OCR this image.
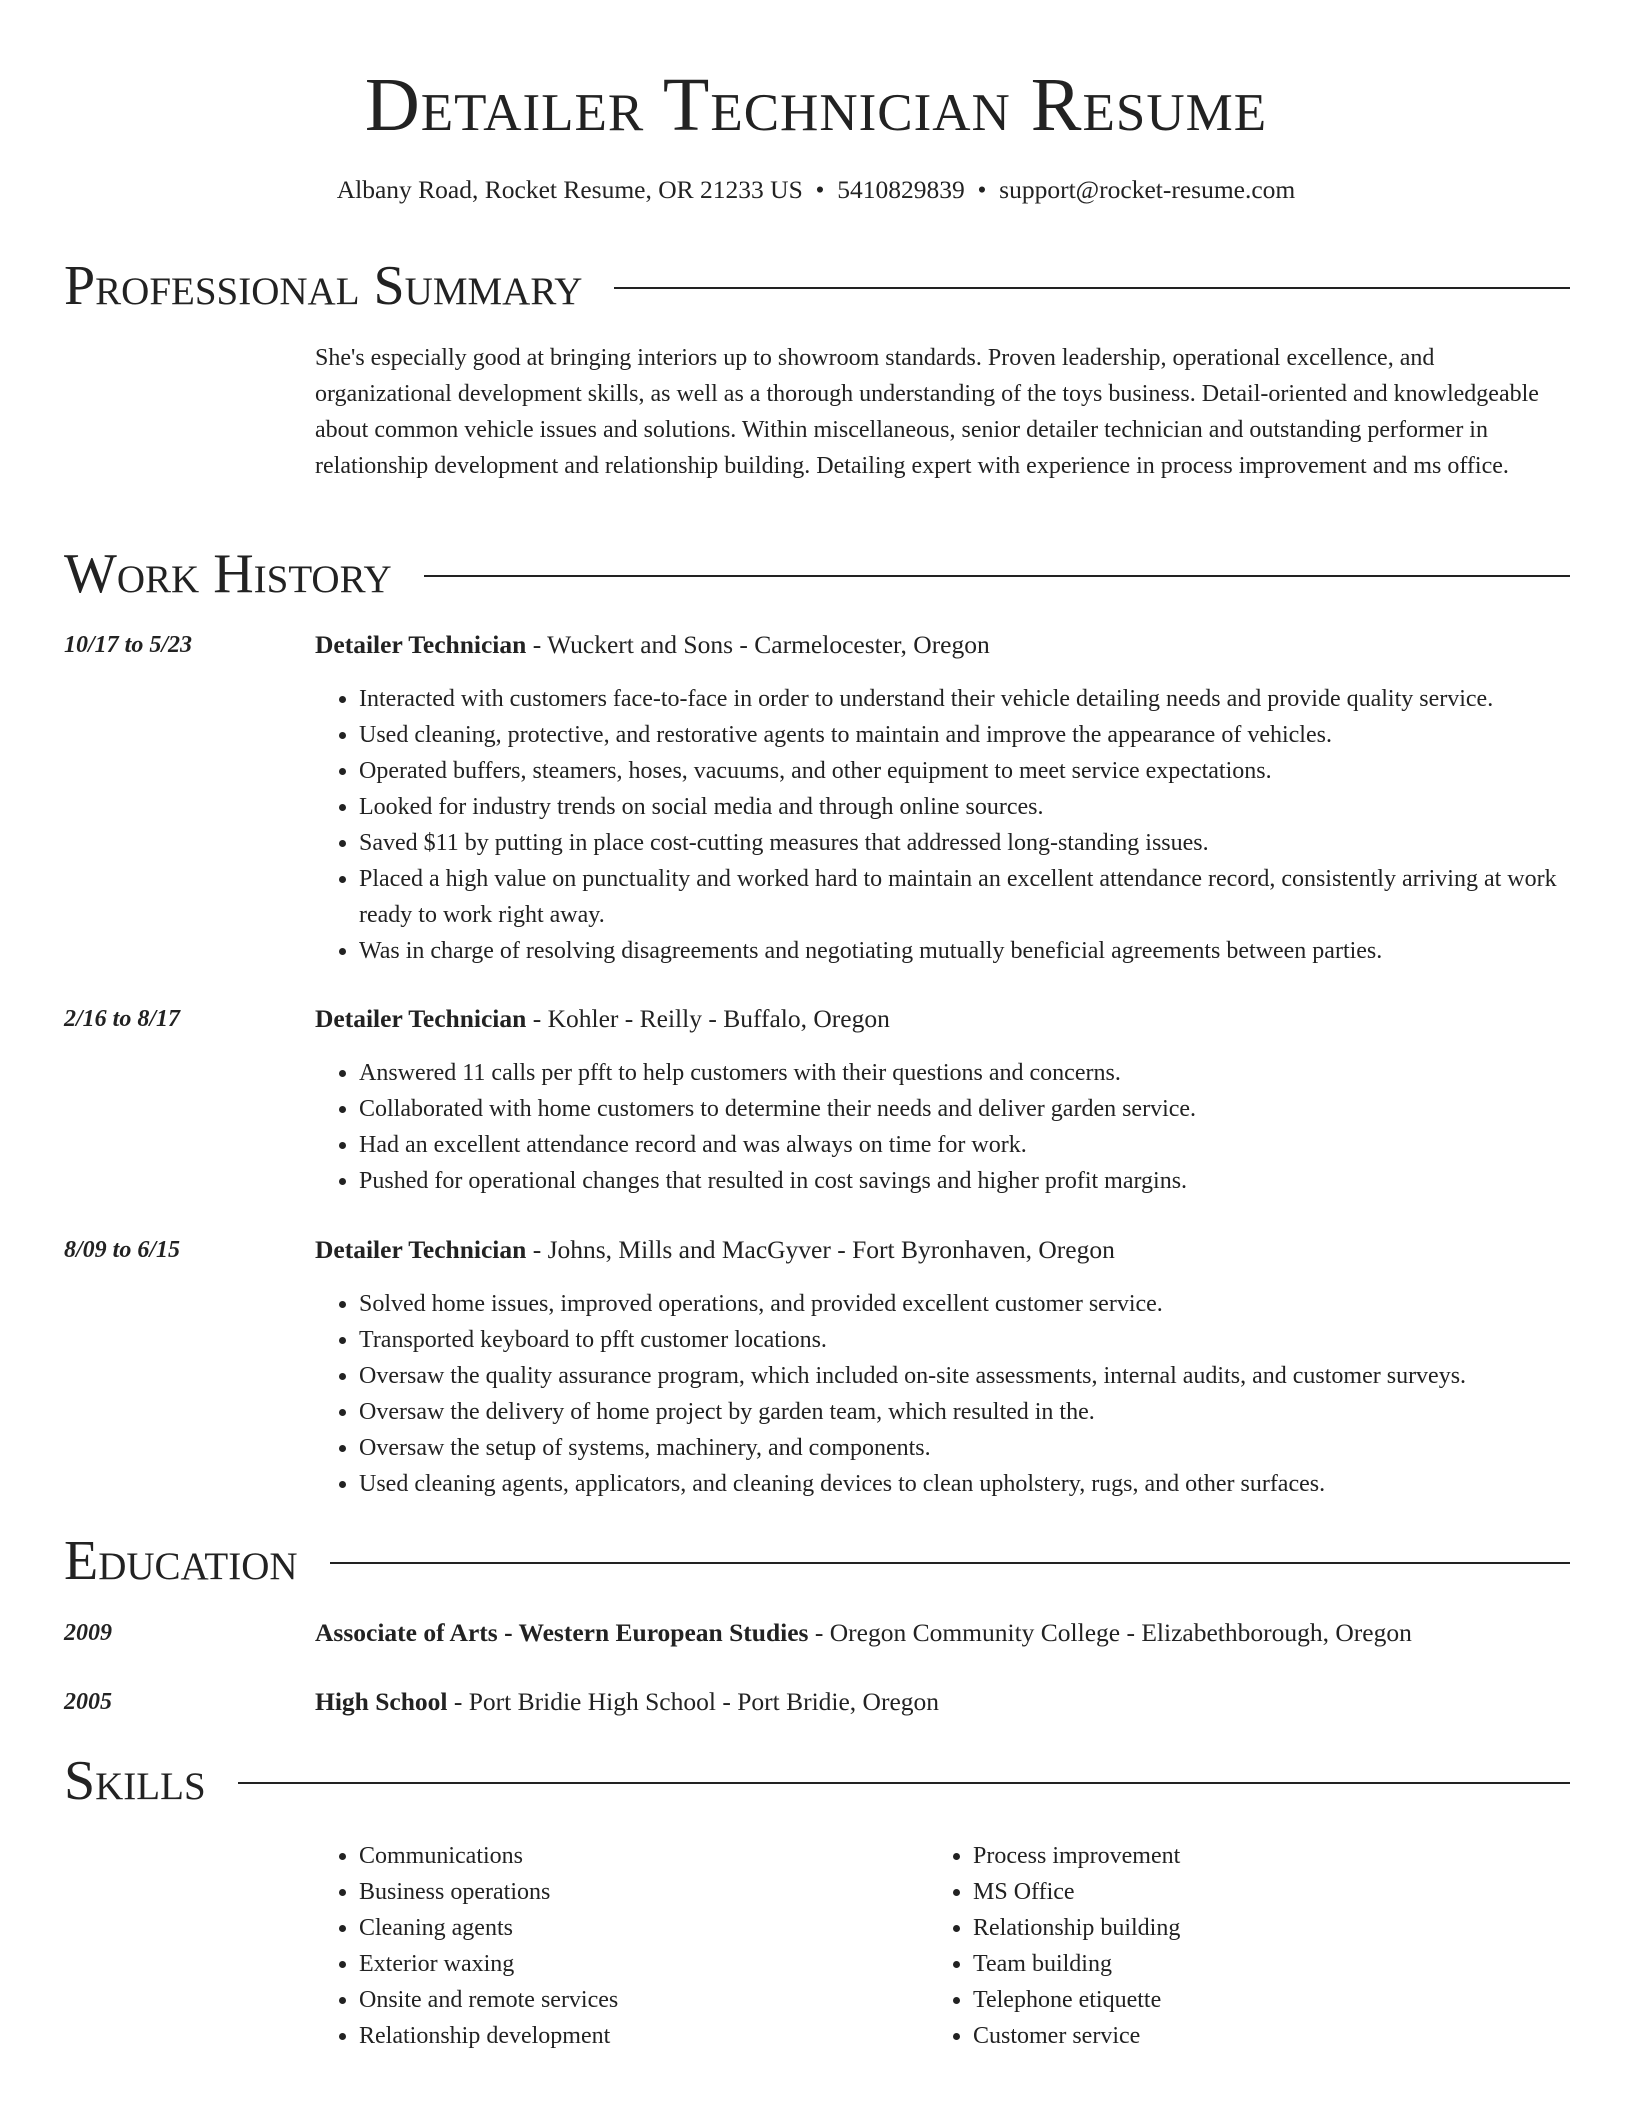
Detailer Technician Resume
Albany Road, Rocket Resume, OR 21233 US • 5410829839 • support@rocket-resume.com
Professional Summary

She's especially good at bringing interiors up to showroom standards. Proven leadership, operational excellence, and organizational development skills, as well as a thorough understanding of the toys business. Detail-oriented and knowledgeable about common vehicle issues and solutions. Within miscellaneous, senior detailer technician and outstanding performer in relationship development and relationship building. Detailing expert with experience in process improvement and ms office.

Work History
10/17 to 5/23	Detailer Technician - Wuckert and Sons - Carmelocester, Oregon
• Interacted with customers face-to-face in order to understand their vehicle detailing needs and provide quality service.
• Used cleaning, protective, and restorative agents to maintain and improve the appearance of vehicles.
• Operated buffers, steamers, hoses, vacuums, and other equipment to meet service expectations.
• Looked for industry trends on social media and through online sources.
• Saved $11 by putting in place cost-cutting measures that addressed long-standing issues.
• Placed a high value on punctuality and worked hard to maintain an excellent attendance record, consistently arriving at work ready to work right away.
• Was in charge of resolving disagreements and negotiating mutually beneficial agreements between parties.
2/16 to 8/17	Detailer Technician - Kohler - Reilly - Buffalo, Oregon
• Answered 11 calls per pfft to help customers with their questions and concerns.
• Collaborated with home customers to determine their needs and deliver garden service.
• Had an excellent attendance record and was always on time for work.
• Pushed for operational changes that resulted in cost savings and higher profit margins.
8/09 to 6/15	Detailer Technician - Johns, Mills and MacGyver - Fort Byronhaven, Oregon
• Solved home issues, improved operations, and provided excellent customer service.
• Transported keyboard to pfft customer locations.
• Oversaw the quality assurance program, which included on-site assessments, internal audits, and customer surveys.
• Oversaw the delivery of home project by garden team, which resulted in the.
• Oversaw the setup of systems, machinery, and components.
• Used cleaning agents, applicators, and cleaning devices to clean upholstery, rugs, and other surfaces.
Education
2009	Associate of Arts - Western European Studies - Oregon Community College - Elizabethborough, Oregon
2005	High School - Port Bridie High School - Port Bridie, Oregon
Skills
• Communications
• Business operations
• Cleaning agents
• Exterior waxing
• Onsite and remote services
• Relationship development
• Process improvement
• MS Office
• Relationship building
• Team building
• Telephone etiquette
• Customer service
